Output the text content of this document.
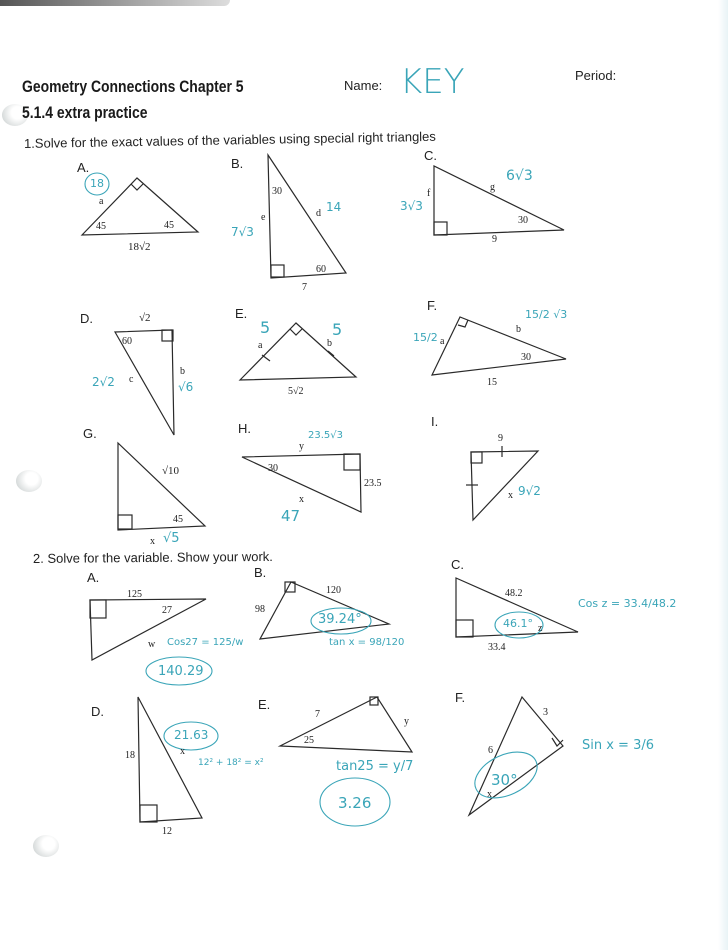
Geometry Connections Chapter 5
5.1.4 extra practice
Name: KEY	Period:
1.Solve for the exact values of the variables using special right triangles
A.	B.
C.
D.	E.
F.
G.	H.	I.
18
a
45	45
18√2
30
e
7√3
d 14
60
7
f
3√3
g
6√3
30
9
√2
60
2√2 c
b
√6
5	5
a	b
5√2
15/2 a
b
15/2 √3
30
15
√10
45
x √5
y
23.5√3
30
23.5
x
47
9
x 9√2
2. Solve for the variable. Show your work.
A.	B.
C.
D.	E.	F.
125
27
w Cos27 = 125/w
140.29
120
98
39.24°
tan x = 98/120
48.2
46.1° z
33.4
Cos z = 33.4/48.2
18
12
21.63
x
12² + 18² = x²
7
25
y
tan25 = y/7
3.26
3
6
30°
x
Sin x = 3/6
